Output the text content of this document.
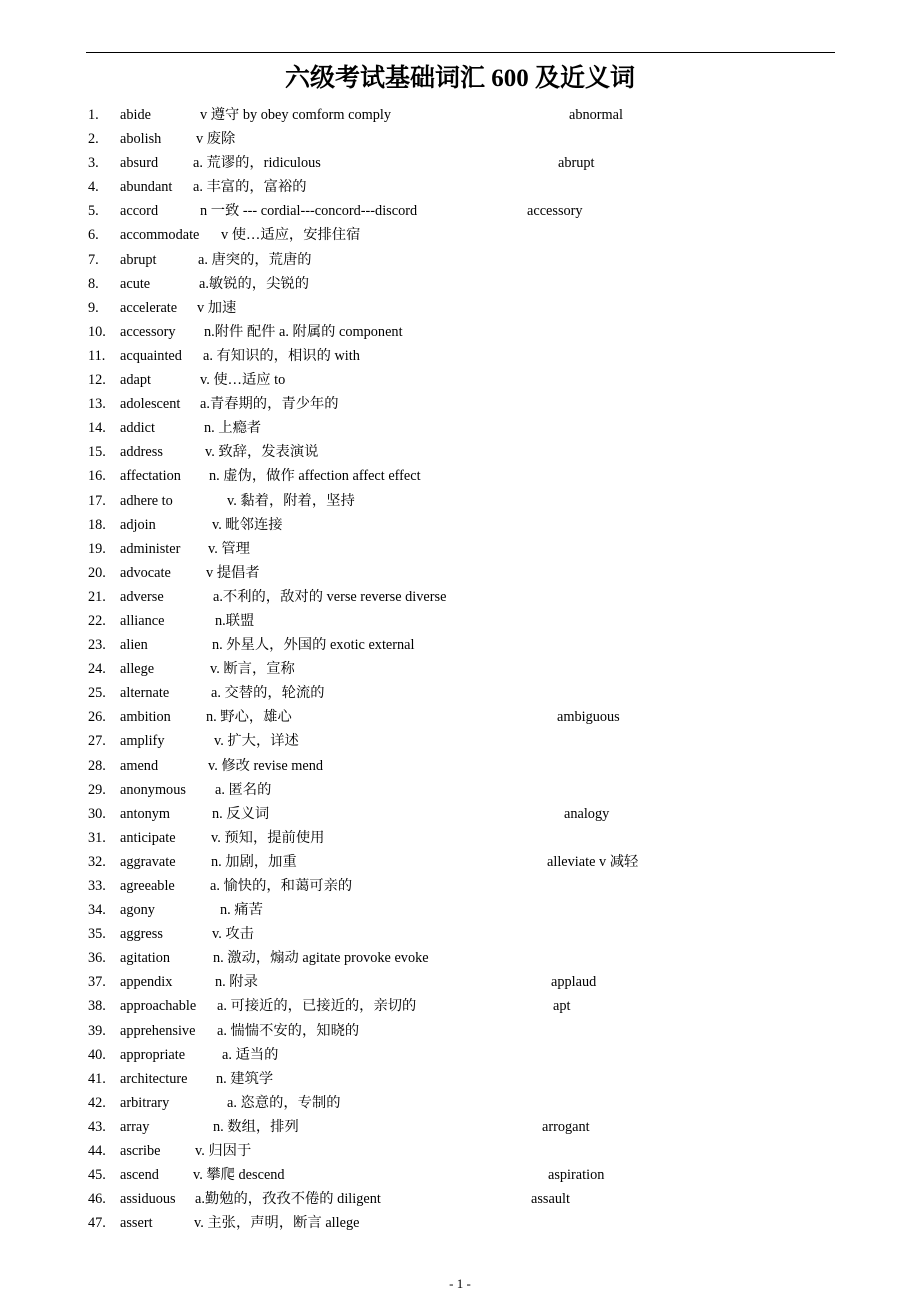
六级考试基础词汇 600 及近义词
1. abide	v 遵守 by obey comform comply	abnormal
2. abolish v 废除
3. absurd a. 荒谬的，ridiculous	abrupt
4. abundant a. 丰富的，富裕的
5. accord	n 一致 --- cordial---concord---discord	accessory
6. accommodate v 使…适应，安排住宿
7. abrupt	a. 唐突的，荒唐的
8. acute	a.敏锐的，尖锐的
9. accelerate v 加速
10. accessory n.附件 配件 a. 附属的 component
11. acquainted a. 有知识的，相识的 with
12. adapt	v. 使…适应 to
13. adolescent a.青春期的，青少年的
14. addict	n. 上瘾者
15. address	v. 致辞，发表演说
16. affectation n. 虚伪，做作 affection affect effect
17. adhere to	v. 黏着，附着，坚持
18. adjoin	v. 毗邻连接
19. administer v. 管理
20. advocate v 提倡者
21. adverse	a.不利的，敌对的 verse reverse diverse
22. alliance	n.联盟
23. alien	n. 外星人，外国的 exotic external
24. allege	v. 断言，宣称
25. alternate	a. 交替的，轮流的
26. ambition n. 野心，雄心	ambiguous
27. amplify	v. 扩大，详述
28. amend	v. 修改 revise mend
29. anonymous a. 匿名的
30. antonym	n. 反义词	analogy
31. anticipate v. 预知，提前使用
32. aggravate n. 加剧，加重	alleviate v 减轻
33. agreeable a. 愉快的，和蔼可亲的
34. agony	n. 痛苦
35. aggress	v. 攻击
36. agitation	n. 激动，煽动 agitate provoke evoke
37. appendix	n. 附录	applaud
38. approachable a. 可接近的，已接近的，亲切的	apt
39. apprehensive a. 惴惴不安的，知晓的
40. appropriate	a. 适当的
41. architecture n. 建筑学
42. arbitrary	a. 恣意的，专制的
43. array	n. 数组，排列	arrogant
44. ascribe v. 归因于
45. ascend v. 攀爬 descend	aspiration
46. assiduous a.勤勉的，孜孜不倦的 diligent	assault
47. assert	v. 主张，声明，断言 allege
- 1 -
